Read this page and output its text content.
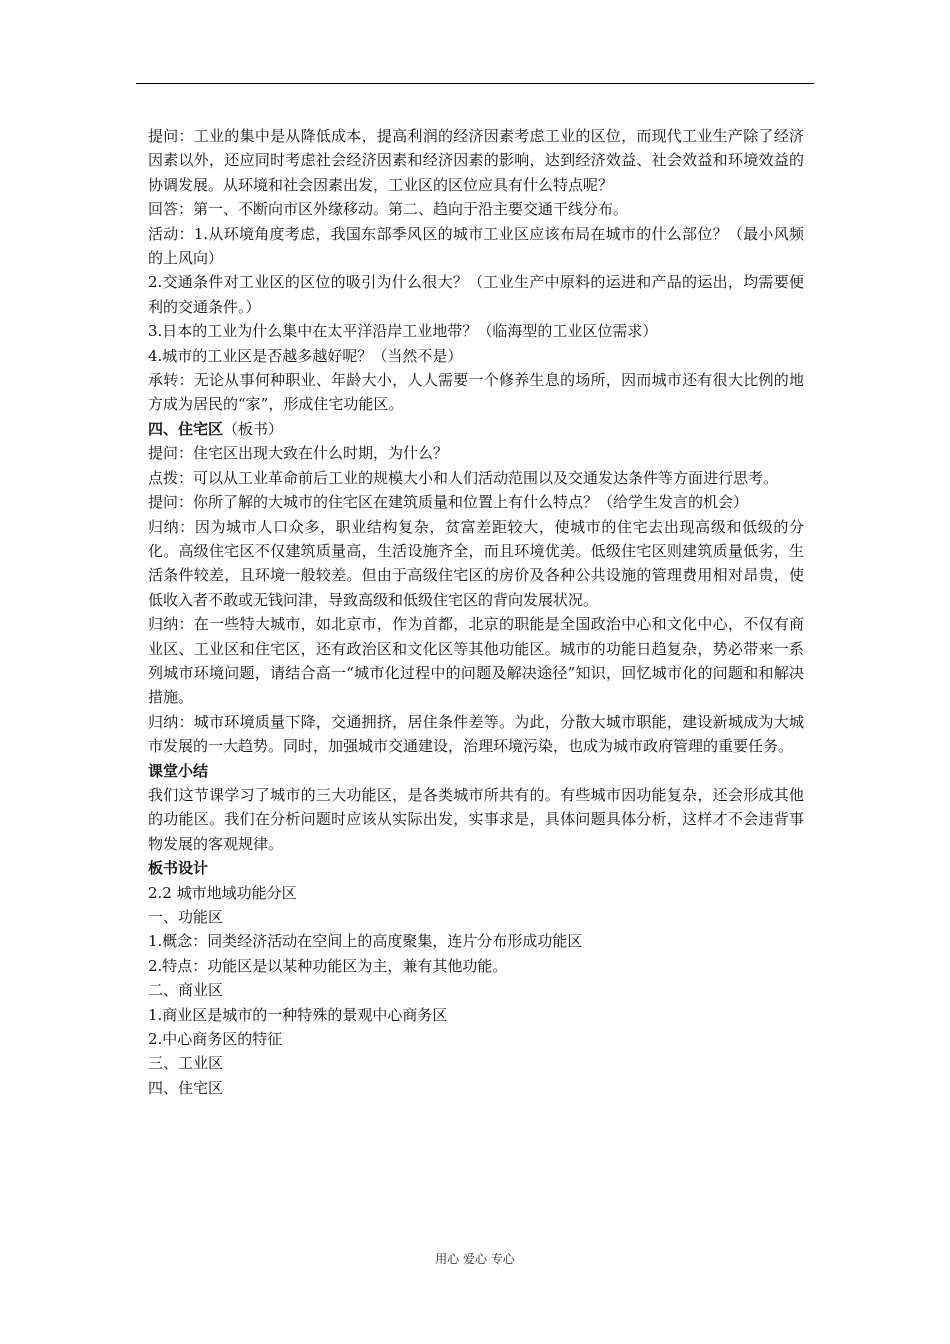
提问：工业的集中是从降低成本，提高利润的经济因素考虑工业的区位，而现代工业生产除了经济因素以外，还应同时考虑社会经济因素和经济因素的影响，达到经济效益、社会效益和环境效益的协调发展。从环境和社会因素出发，工业区的区位应具有什么特点呢？

回答：第一、不断向市区外缘移动。第二、趋向于沿主要交通干线分布。

活动：1.从环境角度考虑，我国东部季风区的城市工业区应该布局在城市的什么部位？（最小风频的上风向）

2.交通条件对工业区的区位的吸引为什么很大？（工业生产中原料的运进和产品的运出，均需要便利的交通条件。）

3.日本的工业为什么集中在太平洋沿岸工业地带？（临海型的工业区位需求）

4.城市的工业区是否越多越好呢？（当然不是）

承转：无论从事何种职业、年龄大小，人人需要一个修养生息的场所，因而城市还有很大比例的地方成为居民的“家”，形成住宅功能区。

四、住宅区（板书）

提问：住宅区出现大致在什么时期，为什么？

点拨：可以从工业革命前后工业的规模大小和人们活动范围以及交通发达条件等方面进行思考。

提问：你所了解的大城市的住宅区在建筑质量和位置上有什么特点？（给学生发言的机会）

归纳：因为城市人口众多，职业结构复杂，贫富差距较大，使城市的住宅去出现高级和低级的分化。高级住宅区不仅建筑质量高，生活设施齐全，而且环境优美。低级住宅区则建筑质量低劣，生活条件较差，且环境一般较差。但由于高级住宅区的房价及各种公共设施的管理费用相对昂贵，使低收入者不敢或无钱问津，导致高级和低级住宅区的背向发展状况。

归纳：在一些特大城市，如北京市，作为首都，北京的职能是全国政治中心和文化中心，不仅有商业区、工业区和住宅区，还有政治区和文化区等其他功能区。城市的功能日趋复杂，势必带来一系列城市环境问题，请结合高一“城市化过程中的问题及解决途径”知识，回忆城市化的问题和和解决措施。

归纳：城市环境质量下降，交通拥挤，居住条件差等。为此，分散大城市职能，建设新城成为大城市发展的一大趋势。同时，加强城市交通建设，治理环境污染，也成为城市政府管理的重要任务。

课堂小结

我们这节课学习了城市的三大功能区，是各类城市所共有的。有些城市因功能复杂，还会形成其他的功能区。我们在分析问题时应该从实际出发，实事求是，具体问题具体分析，这样才不会违背事物发展的客观规律。

板书设计

2.2 城市地域功能分区

一、功能区

1.概念：同类经济活动在空间上的高度聚集，连片分布形成功能区

2.特点：功能区是以某种功能区为主，兼有其他功能。

二、商业区

1.商业区是城市的一种特殊的景观中心商务区

2.中心商务区的特征

三、工业区

四、住宅区

用心 爱心 专心
